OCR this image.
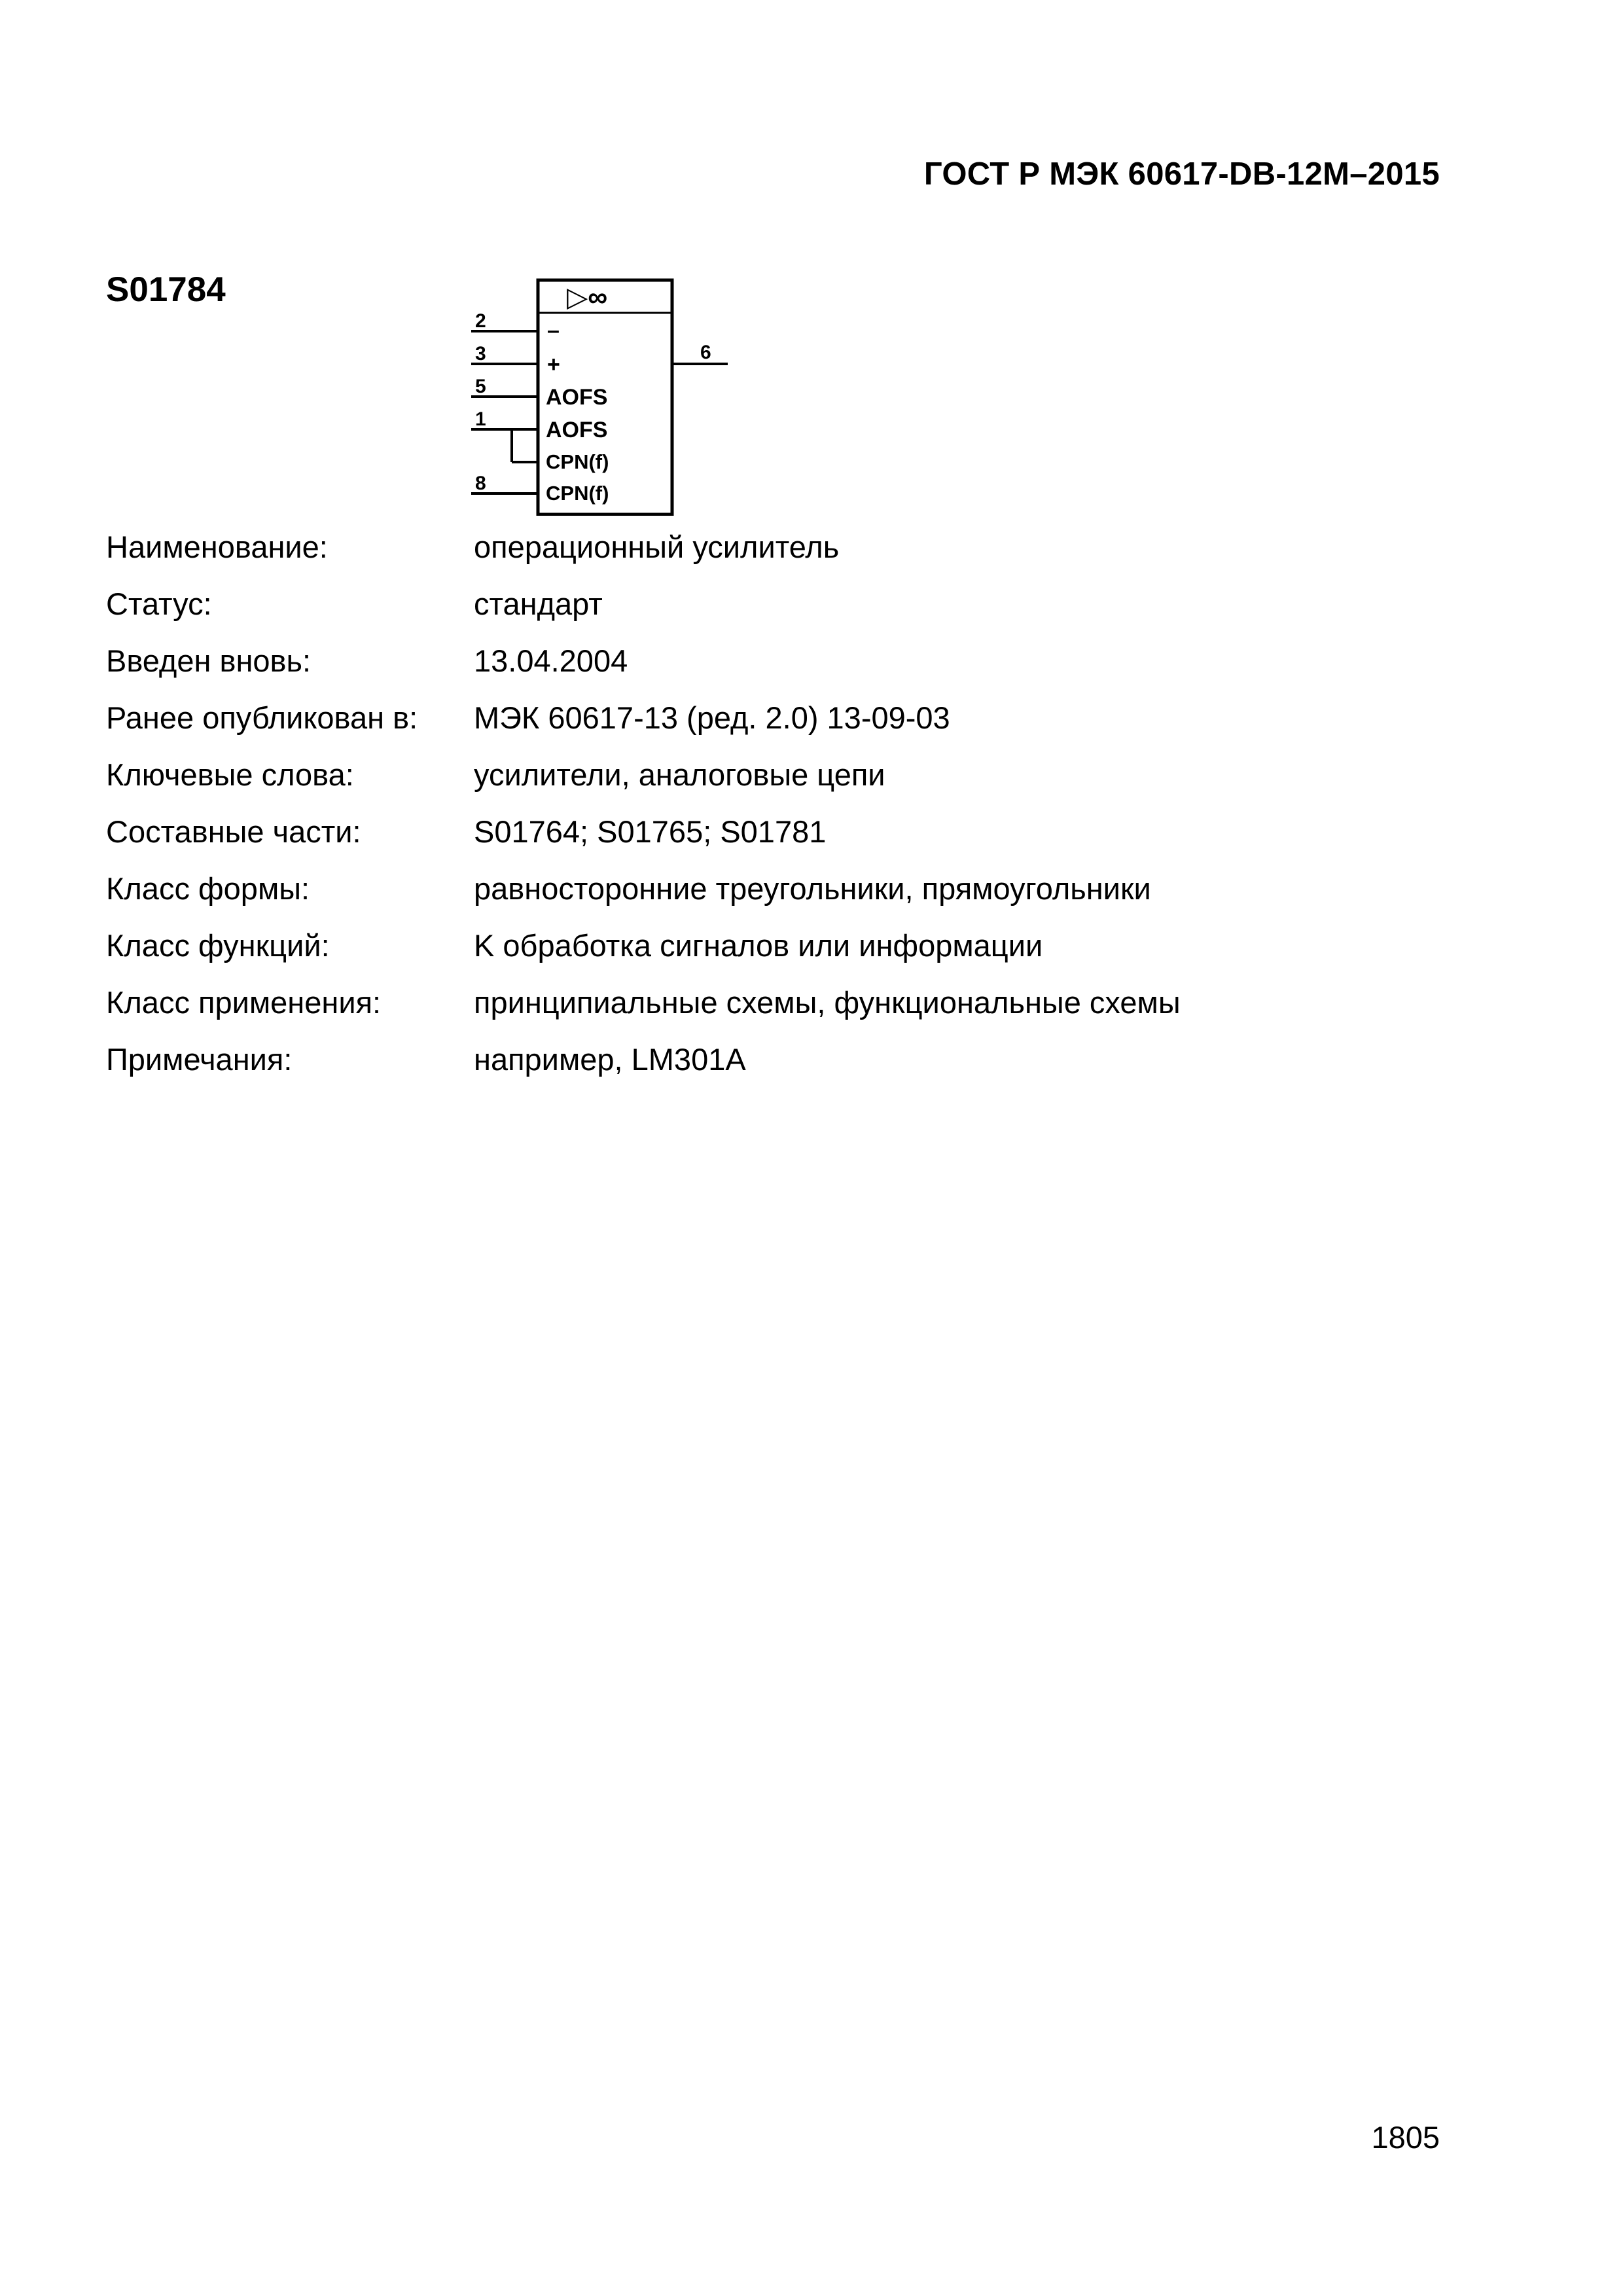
ГОСТ Р МЭК 60617-DB-12M–2015
S01784	▷∞
2
3
5
1
8
6
–
+
AOFS
AOFS
CPN(f)
CPN(f)
Наименование:	операционный усилитель
Статус:	стандарт
Введен вновь:	13.04.2004
Ранее опубликован в:	МЭК 60617-13 (ред. 2.0) 13-09-03
Ключевые слова:	усилители, аналоговые цепи
Составные части:	S01764; S01765; S01781
Класс формы:	равносторонние треугольники, прямоугольники
Класс функций:	K обработка сигналов или информации
Класс применения:	принципиальные схемы, функциональные схемы
Примечания:	например, LM301A
1805
